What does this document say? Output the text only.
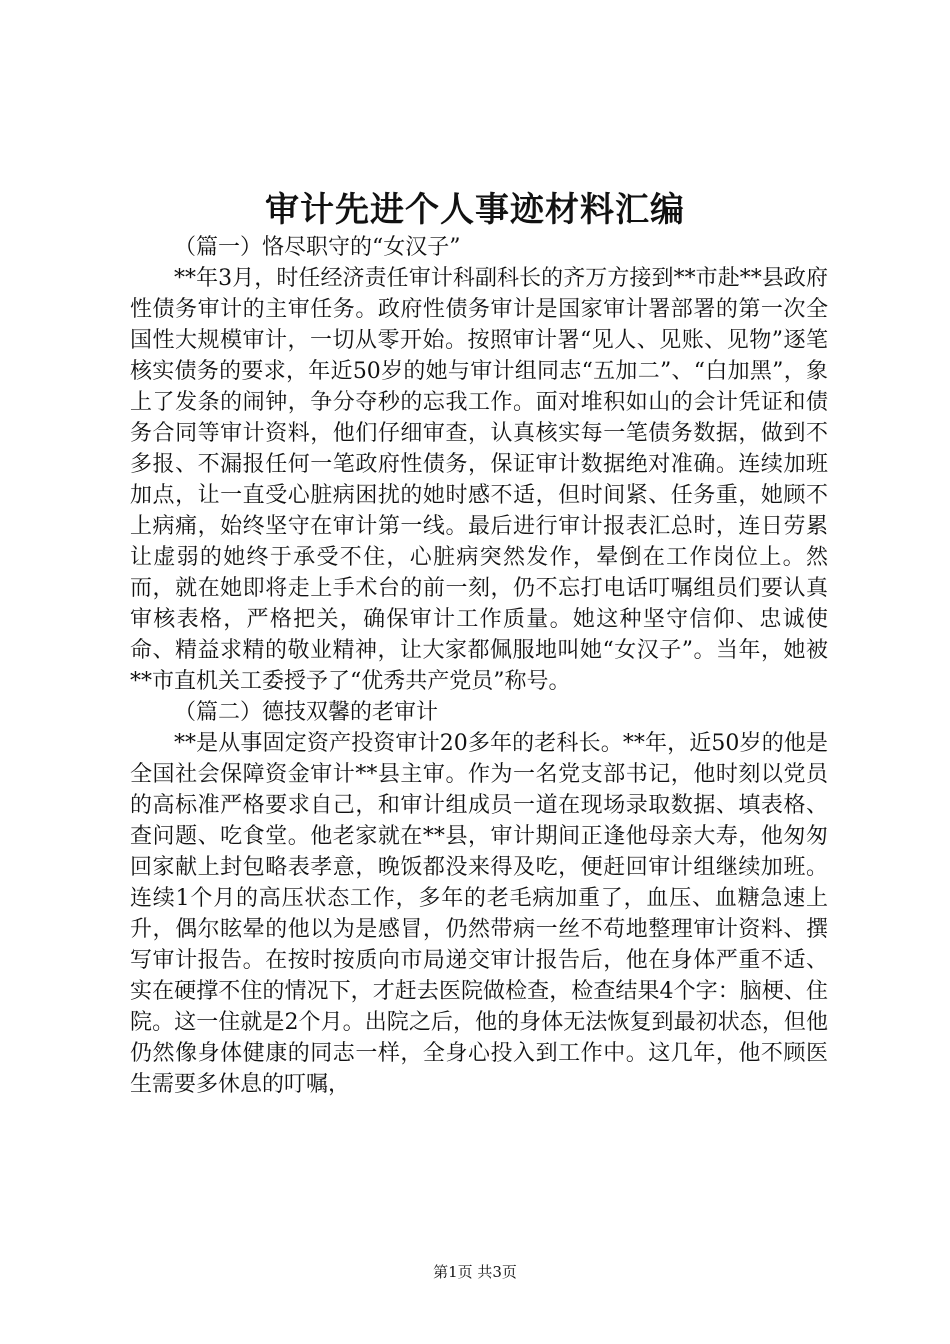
审计先进个人事迹材料汇编

（篇一）恪尽职守的“女汉子”

**年3月，时任经济责任审计科副科长的齐万方接到**市赴**县政府性债务审计的主审任务。政府性债务审计是国家审计署部署的第一次全国性大规模审计，一切从零开始。按照审计署“见人、见账、见物”逐笔核实债务的要求，年近50岁的她与审计组同志“五加二”、“白加黑”，象上了发条的闹钟，争分夺秒的忘我工作。面对堆积如山的会计凭证和债务合同等审计资料，他们仔细审查，认真核实每一笔债务数据，做到不多报、不漏报任何一笔政府性债务，保证审计数据绝对准确。连续加班加点，让一直受心脏病困扰的她时感不适，但时间紧、任务重，她顾不上病痛，始终坚守在审计第一线。最后进行审计报表汇总时，连日劳累让虚弱的她终于承受不住，心脏病突然发作，晕倒在工作岗位上。然而，就在她即将走上手术台的前一刻，仍不忘打电话叮嘱组员们要认真审核表格，严格把关，确保审计工作质量。她这种坚守信仰、忠诚使命、精益求精的敬业精神，让大家都佩服地叫她“女汉子”。当年，她被**市直机关工委授予了“优秀共产党员”称号。

（篇二）德技双馨的老审计

**是从事固定资产投资审计20多年的老科长。**年，近50岁的他是全国社会保障资金审计**县主审。作为一名党支部书记，他时刻以党员的高标准严格要求自己，和审计组成员一道在现场录取数据、填表格、查问题、吃食堂。他老家就在**县，审计期间正逢他母亲大寿，他匆匆回家献上封包略表孝意，晚饭都没来得及吃，便赶回审计组继续加班。连续1个月的高压状态工作，多年的老毛病加重了，血压、血糖急速上升，偶尔眩晕的他以为是感冒，仍然带病一丝不苟地整理审计资料、撰写审计报告。在按时按质向市局递交审计报告后，他在身体严重不适、实在硬撑不住的情况下，才赶去医院做检查，检查结果4个字：脑梗、住院。这一住就是2个月。出院之后，他的身体无法恢复到最初状态，但他仍然像身体健康的同志一样，全身心投入到工作中。这几年，他不顾医生需要多休息的叮嘱，

第1页 共3页
